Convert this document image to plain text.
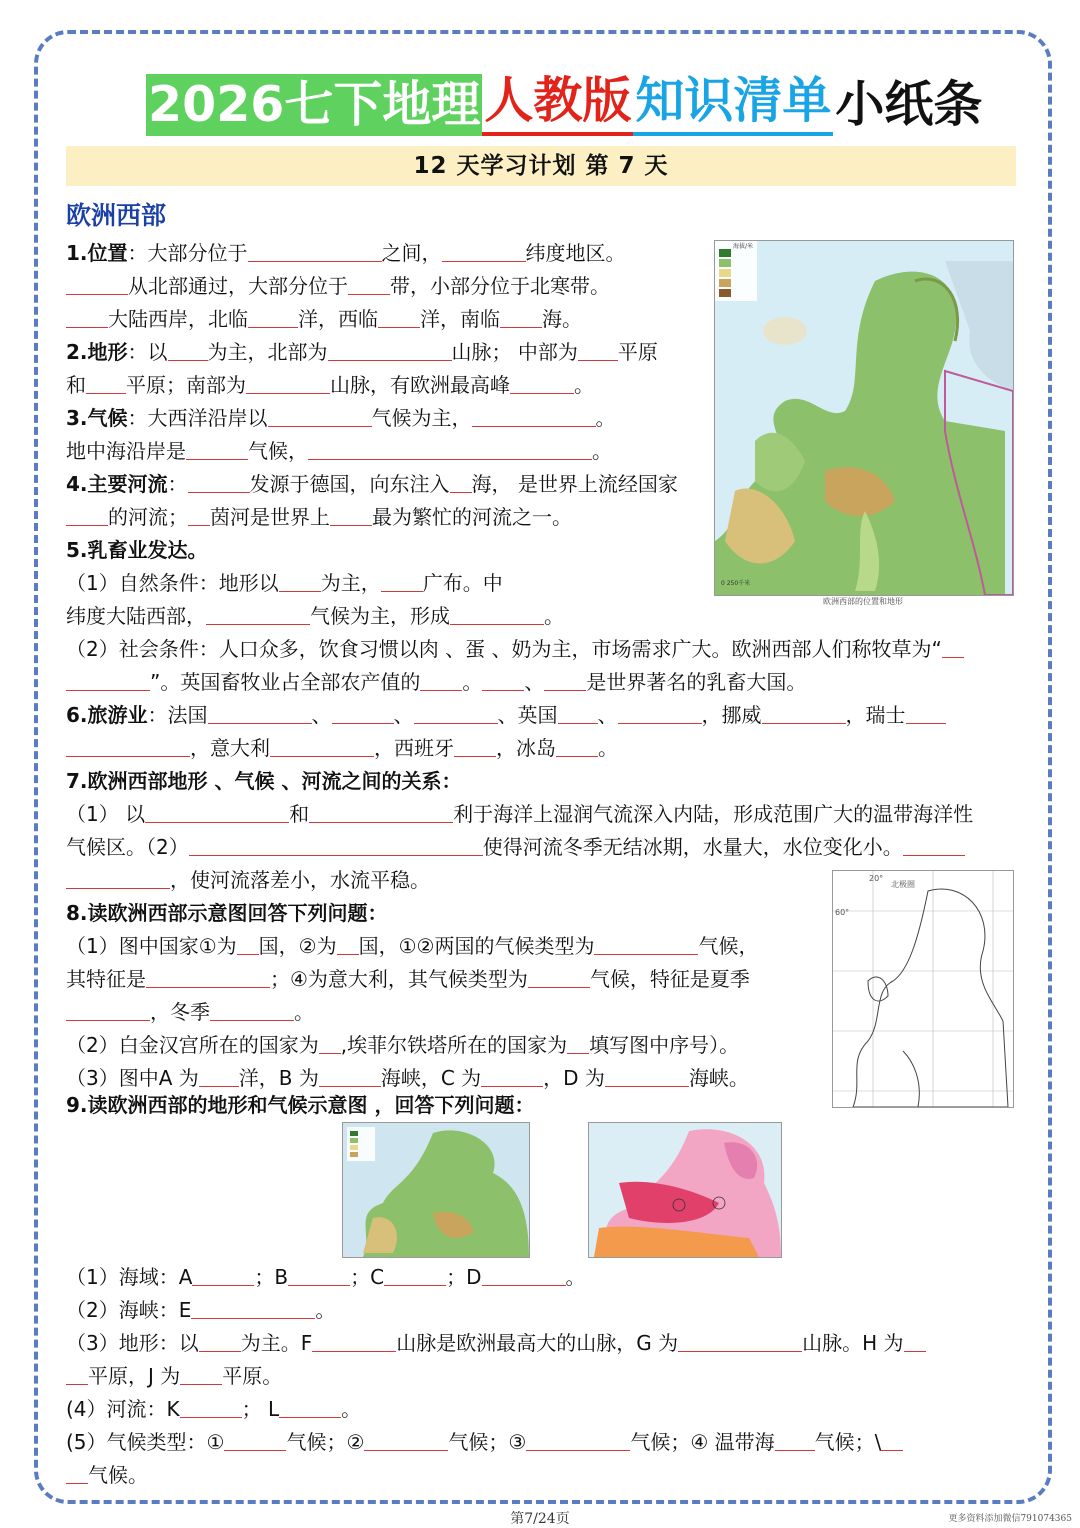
2026七下地理 人教版 知识清单 小纸条
12 天学习计划 第 7 天
欧洲西部
海拔/米
0 250千米
欧洲西部的位置和地形
北极圈
20°
60°
1.位置：大部分位于	之间，	纬度地区。
从北部通过，大部分位于 带，小部分位于北寒带。
大陆西岸，北临	洋，西临 洋，南临 海。
2.地形：以 为主，北部为	山脉； 中部为 平原
和 平原；南部为	山脉，有欧洲最高峰	。
3.气候：大西洋沿岸以	气候为主，	。
地中海沿岸是	气候，	。
4.主要河流：	发源于德国，向东注入 海， 是世界上流经国家
的河流； 茵河是世界上 最为繁忙的河流之一。
5.乳畜业发达。
（1）自然条件：地形以 为主， 广布。中
纬度大陆西部，	气候为主，形成	。
（2）社会条件：人口众多，饮食习惯以肉 、蛋 、奶为主，市场需求广大。欧洲西部人们称牧草为“
”。英国畜牧业占全部农产值的 。 、 是世界著名的乳畜大国。
6.旅游业：法国	、	、	、英国 、	，挪威	，瑞士
，意大利	，西班牙 ，冰岛 。
7.欧洲西部地形 、气候 、河流之间的关系：
（1） 以	和	利于海洋上湿润气流深入内陆，形成范围广大的温带海洋性
气候区。（2）	使得河流冬季无结冰期，水量大，水位变化小。
，使河流落差小，水流平稳。
8.读欧洲西部示意图回答下列问题：
（1）图中国家①为 国，②为 国，①②两国的气候类型为	气候，
其特征是	；④为意大利，其气候类型为	气候，特征是夏季
，冬季	。
（2）白金汉宫所在的国家为 ,埃菲尔铁塔所在的国家为 填写图中序号）。
（3）图中A 为 洋，B 为	海峡，C 为	，D 为	海峡。
9.读欧洲西部的地形和气候示意图 ，回答下列问题：
（1）海域：A	；B	；C	；D	。
（2）海峡：E	。
（3）地形：以 为主。F	山脉是欧洲最高大的山脉，G 为	山脉。H 为
平原，J 为 平原。
(4）河流：K	； L	。
(5）气候类型：①	气候；②	气候；③	气候；④ 温带海 气候；\
气候。
第7/24页	更多资料添加微信791074365
